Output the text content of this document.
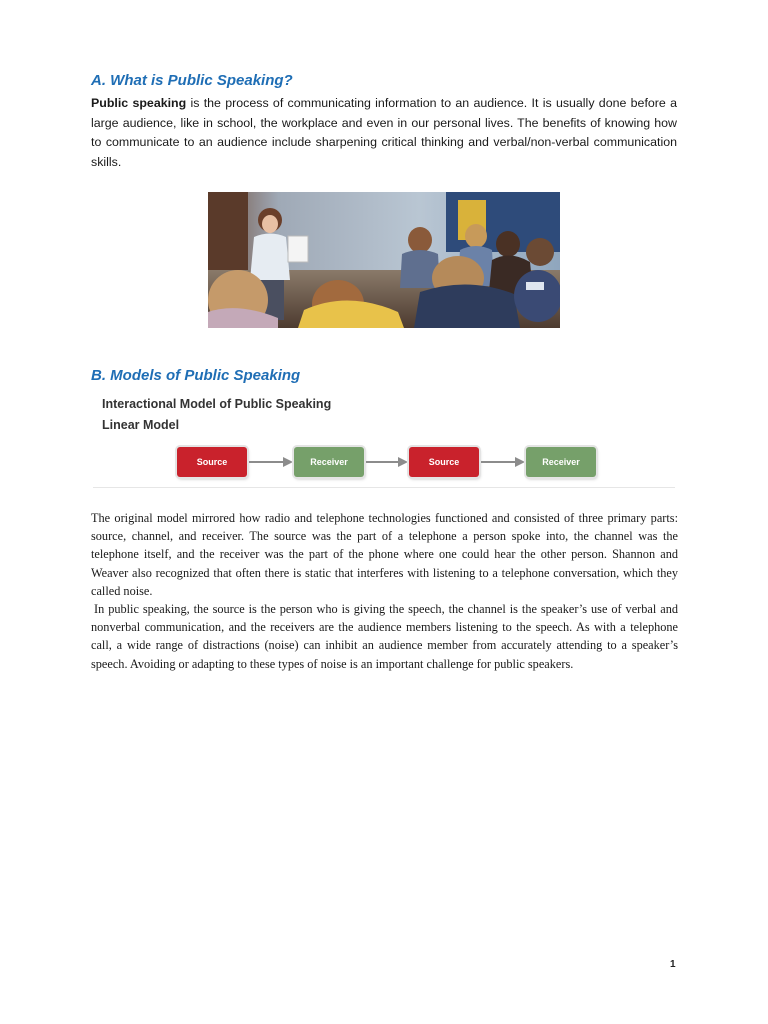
A. What is Public Speaking?

Public speaking is the process of communicating information to an audience. It is usually done before a large audience, like in school, the workplace and even in our personal lives. The benefits of knowing how to communicate to an audience include sharpening critical thinking and verbal/non-verbal communication skills.

B. Models of Public Speaking
Interactional Model of Public Speaking
Linear Model
Source	Receiver	Source	Receiver

The original model mirrored how radio and telephone technologies functioned and consisted of three primary parts: source, channel, and receiver. The source was the part of a telephone a person spoke into, the channel was the telephone itself, and the receiver was the part of the phone where one could hear the other person. Shannon and Weaver also recognized that often there is static that interferes with listening to a telephone conversation, which they called noise.

In public speaking, the source is the person who is giving the speech, the channel is the speaker’s use of verbal and nonverbal communication, and the receivers are the audience members listening to the speech. As with a telephone call, a wide range of distractions (noise) can inhibit an audience member from accurately attending to a speaker’s speech. Avoiding or adapting to these types of noise is an important challenge for public speakers.

1
